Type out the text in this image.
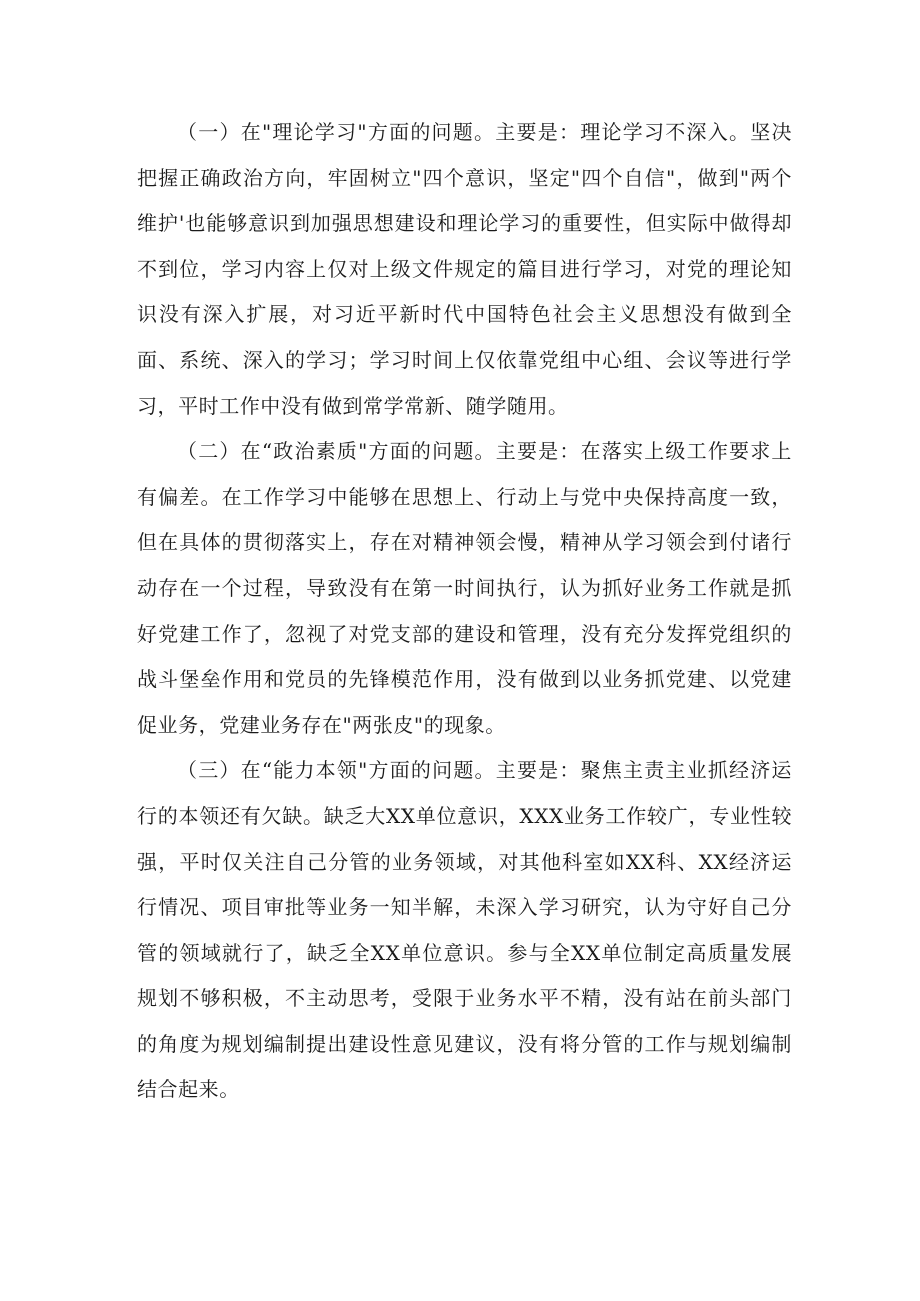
（一）在"理论学习"方面的问题。主要是：理论学习不深入。坚决把握正确政治方向，牢固树立"四个意识，坚定"四个自信"，做到"两个维护'也能够意识到加强思想建设和理论学习的重要性，但实际中做得却不到位，学习内容上仅对上级文件规定的篇目进行学习，对党的理论知识没有深入扩展，对习近平新时代中国特色社会主义思想没有做到全面、系统、深入的学习；学习时间上仅依靠党组中心组、会议等进行学习，平时工作中没有做到常学常新、随学随用。

（二）在“政治素质"方面的问题。主要是：在落实上级工作要求上有偏差。在工作学习中能够在思想上、行动上与党中央保持高度一致，但在具体的贯彻落实上，存在对精神领会慢，精神从学习领会到付诸行动存在一个过程，导致没有在第一时间执行，认为抓好业务工作就是抓好党建工作了，忽视了对党支部的建设和管理，没有充分发挥党组织的战斗堡垒作用和党员的先锋模范作用，没有做到以业务抓党建、以党建促业务，党建业务存在"两张皮"的现象。

（三）在“能力本领"方面的问题。主要是：聚焦主责主业抓经济运行的本领还有欠缺。缺乏大XX单位意识，XXX业务工作较广，专业性较强，平时仅关注自己分管的业务领域，对其他科室如XX科、XX经济运行情况、项目审批等业务一知半解，未深入学习研究，认为守好自己分管的领域就行了，缺乏全XX单位意识。参与全XX单位制定高质量发展规划不够积极，不主动思考，受限于业务水平不精，没有站在前头部门的角度为规划编制提出建设性意见建议，没有将分管的工作与规划编制结合起来。
